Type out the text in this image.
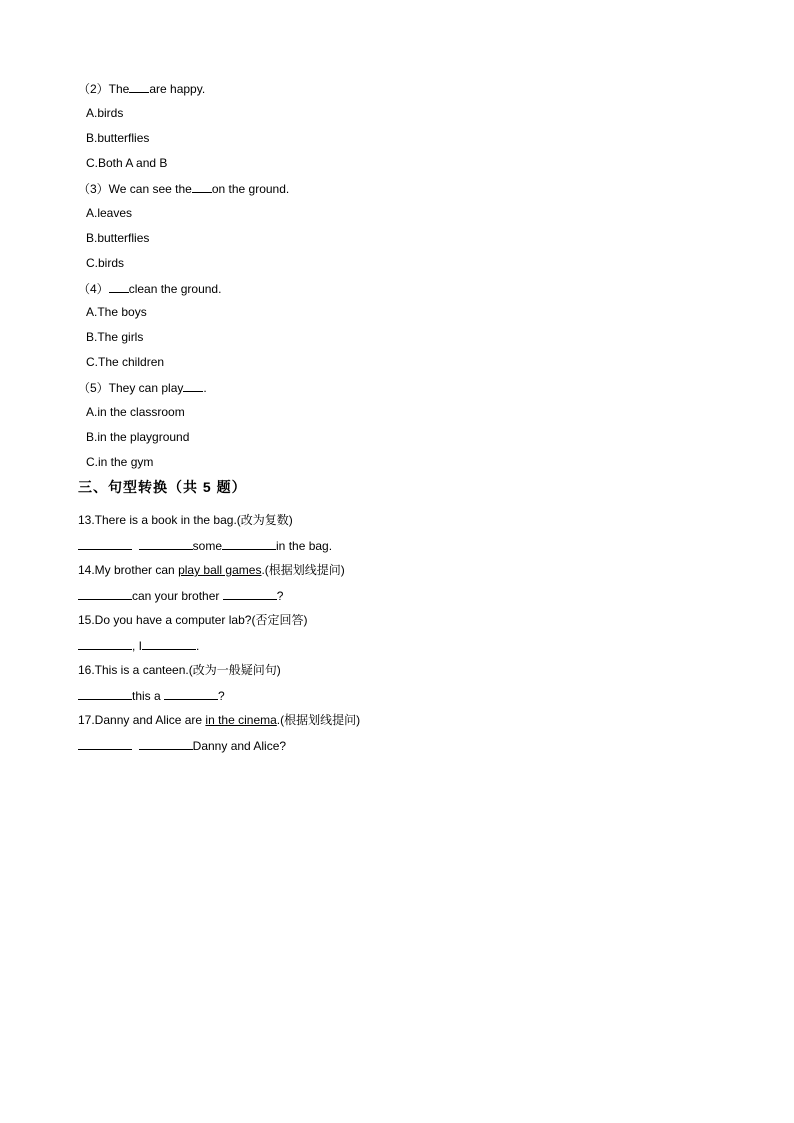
（2）The are happy.
A.birds
B.butterflies
C.Both A and B
（3）We can see the on the ground.
A.leaves
B.butterflies
C.birds
（4） clean the ground.
A.The boys
B.The girls
C.The children
（5）They can play .
A.in the classroom
B.in the playground
C.in the gym
三、句型转换（共 5 题）
13.There is a book in the bag.(改为复数)
some	in the bag.
14.My brother can play ball games.(根据划线提问)
can your brother	?
15.Do you have a computer lab?(否定回答)
, I	.
16.This is a canteen.(改为一般疑问句)
this a	?
17.Danny and Alice are in the cinema.(根据划线提问)
Danny and Alice?
